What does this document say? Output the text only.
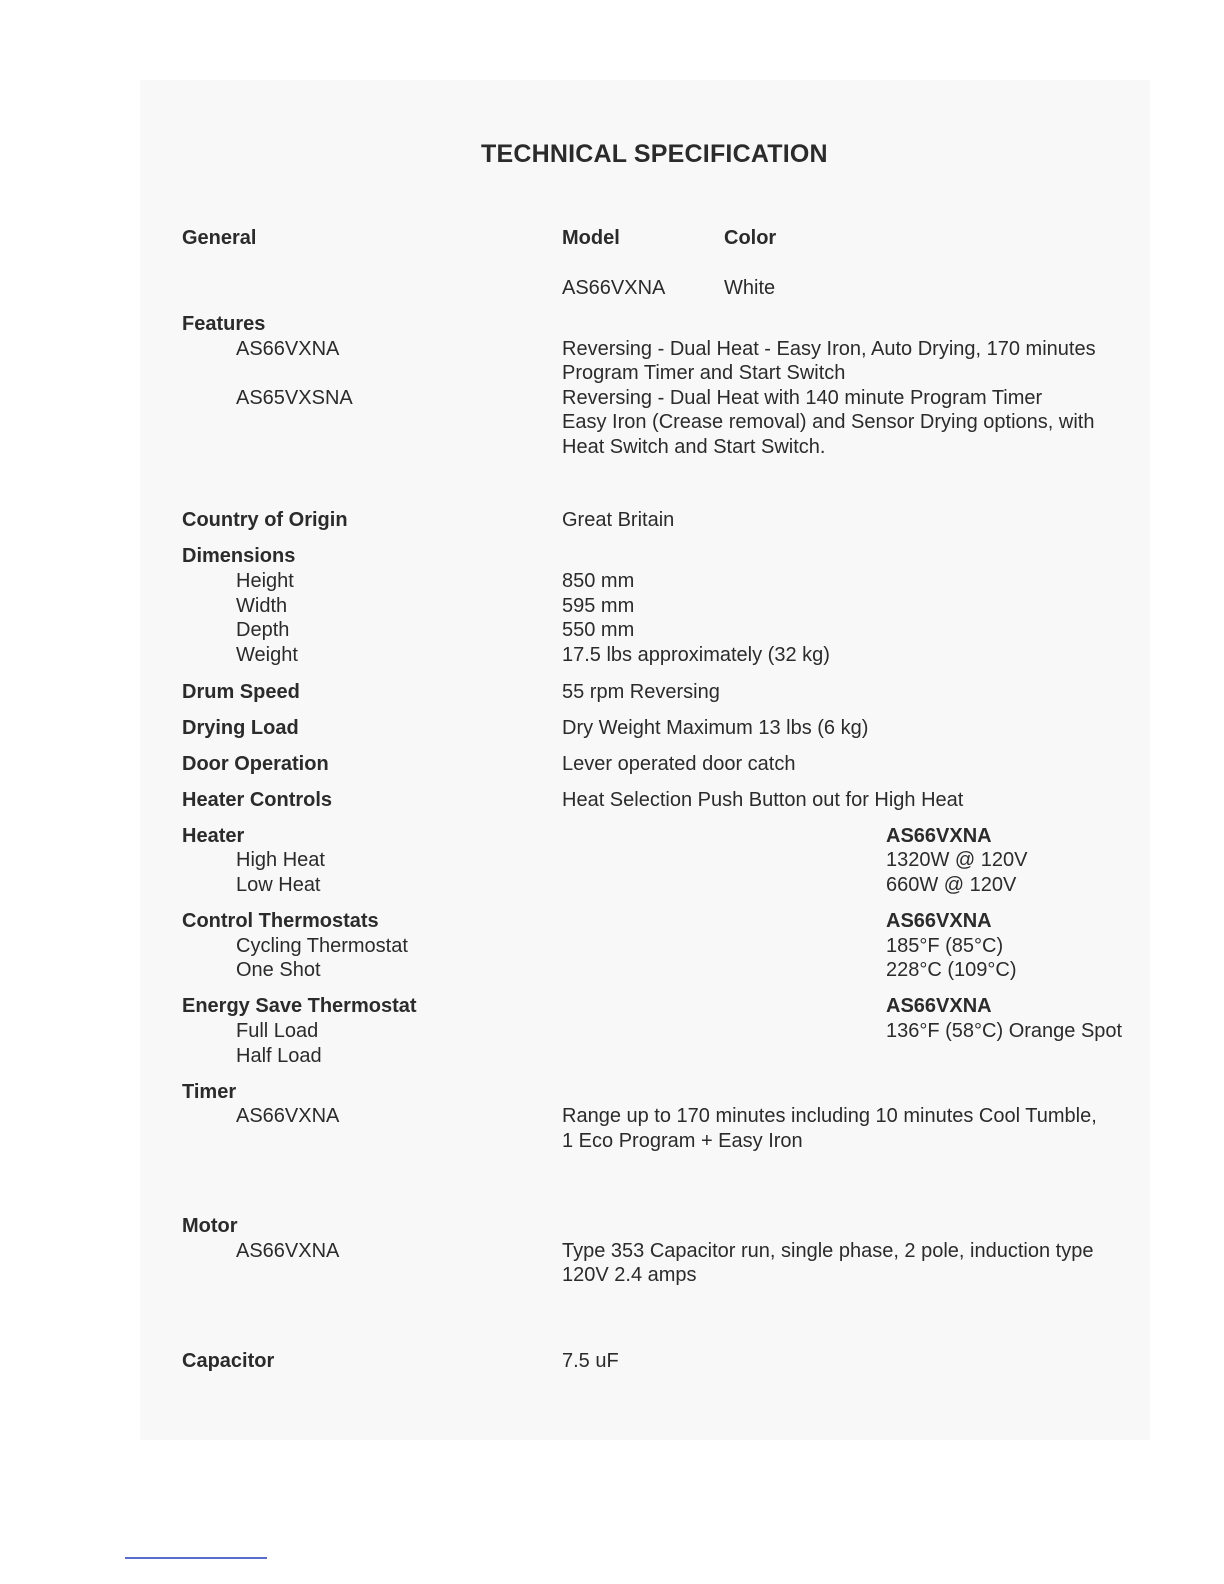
TECHNICAL SPECIFICATION
General	Model	Color
AS66VXNA	White
Features
AS66VXNA	Reversing - Dual Heat - Easy Iron, Auto Drying, 170 minutes
Program Timer and Start Switch
AS65VXSNA	Reversing - Dual Heat with 140 minute Program Timer
Easy Iron (Crease removal) and Sensor Drying options, with
Heat Switch and Start Switch.
Country of Origin	Great Britain
Dimensions
Height	850 mm
Width	595 mm
Depth	550 mm
Weight	17.5 lbs approximately (32 kg)
Drum Speed	55 rpm Reversing
Drying Load	Dry Weight Maximum 13 lbs (6 kg)
Door Operation	Lever operated door catch
Heater Controls	Heat Selection Push Button out for High Heat
Heater	AS66VXNA
High Heat	1320W @ 120V
Low Heat	660W @ 120V
Control Thermostats	AS66VXNA
Cycling Thermostat	185°F (85°C)
One Shot	228°C (109°C)
Energy Save Thermostat	AS66VXNA
Full Load	136°F (58°C) Orange Spot
Half Load
Timer
AS66VXNA	Range up to 170 minutes including 10 minutes Cool Tumble,
1 Eco Program + Easy Iron
Motor
AS66VXNA	Type 353 Capacitor run, single phase, 2 pole, induction type
120V 2.4 amps
Capacitor	7.5 uF
